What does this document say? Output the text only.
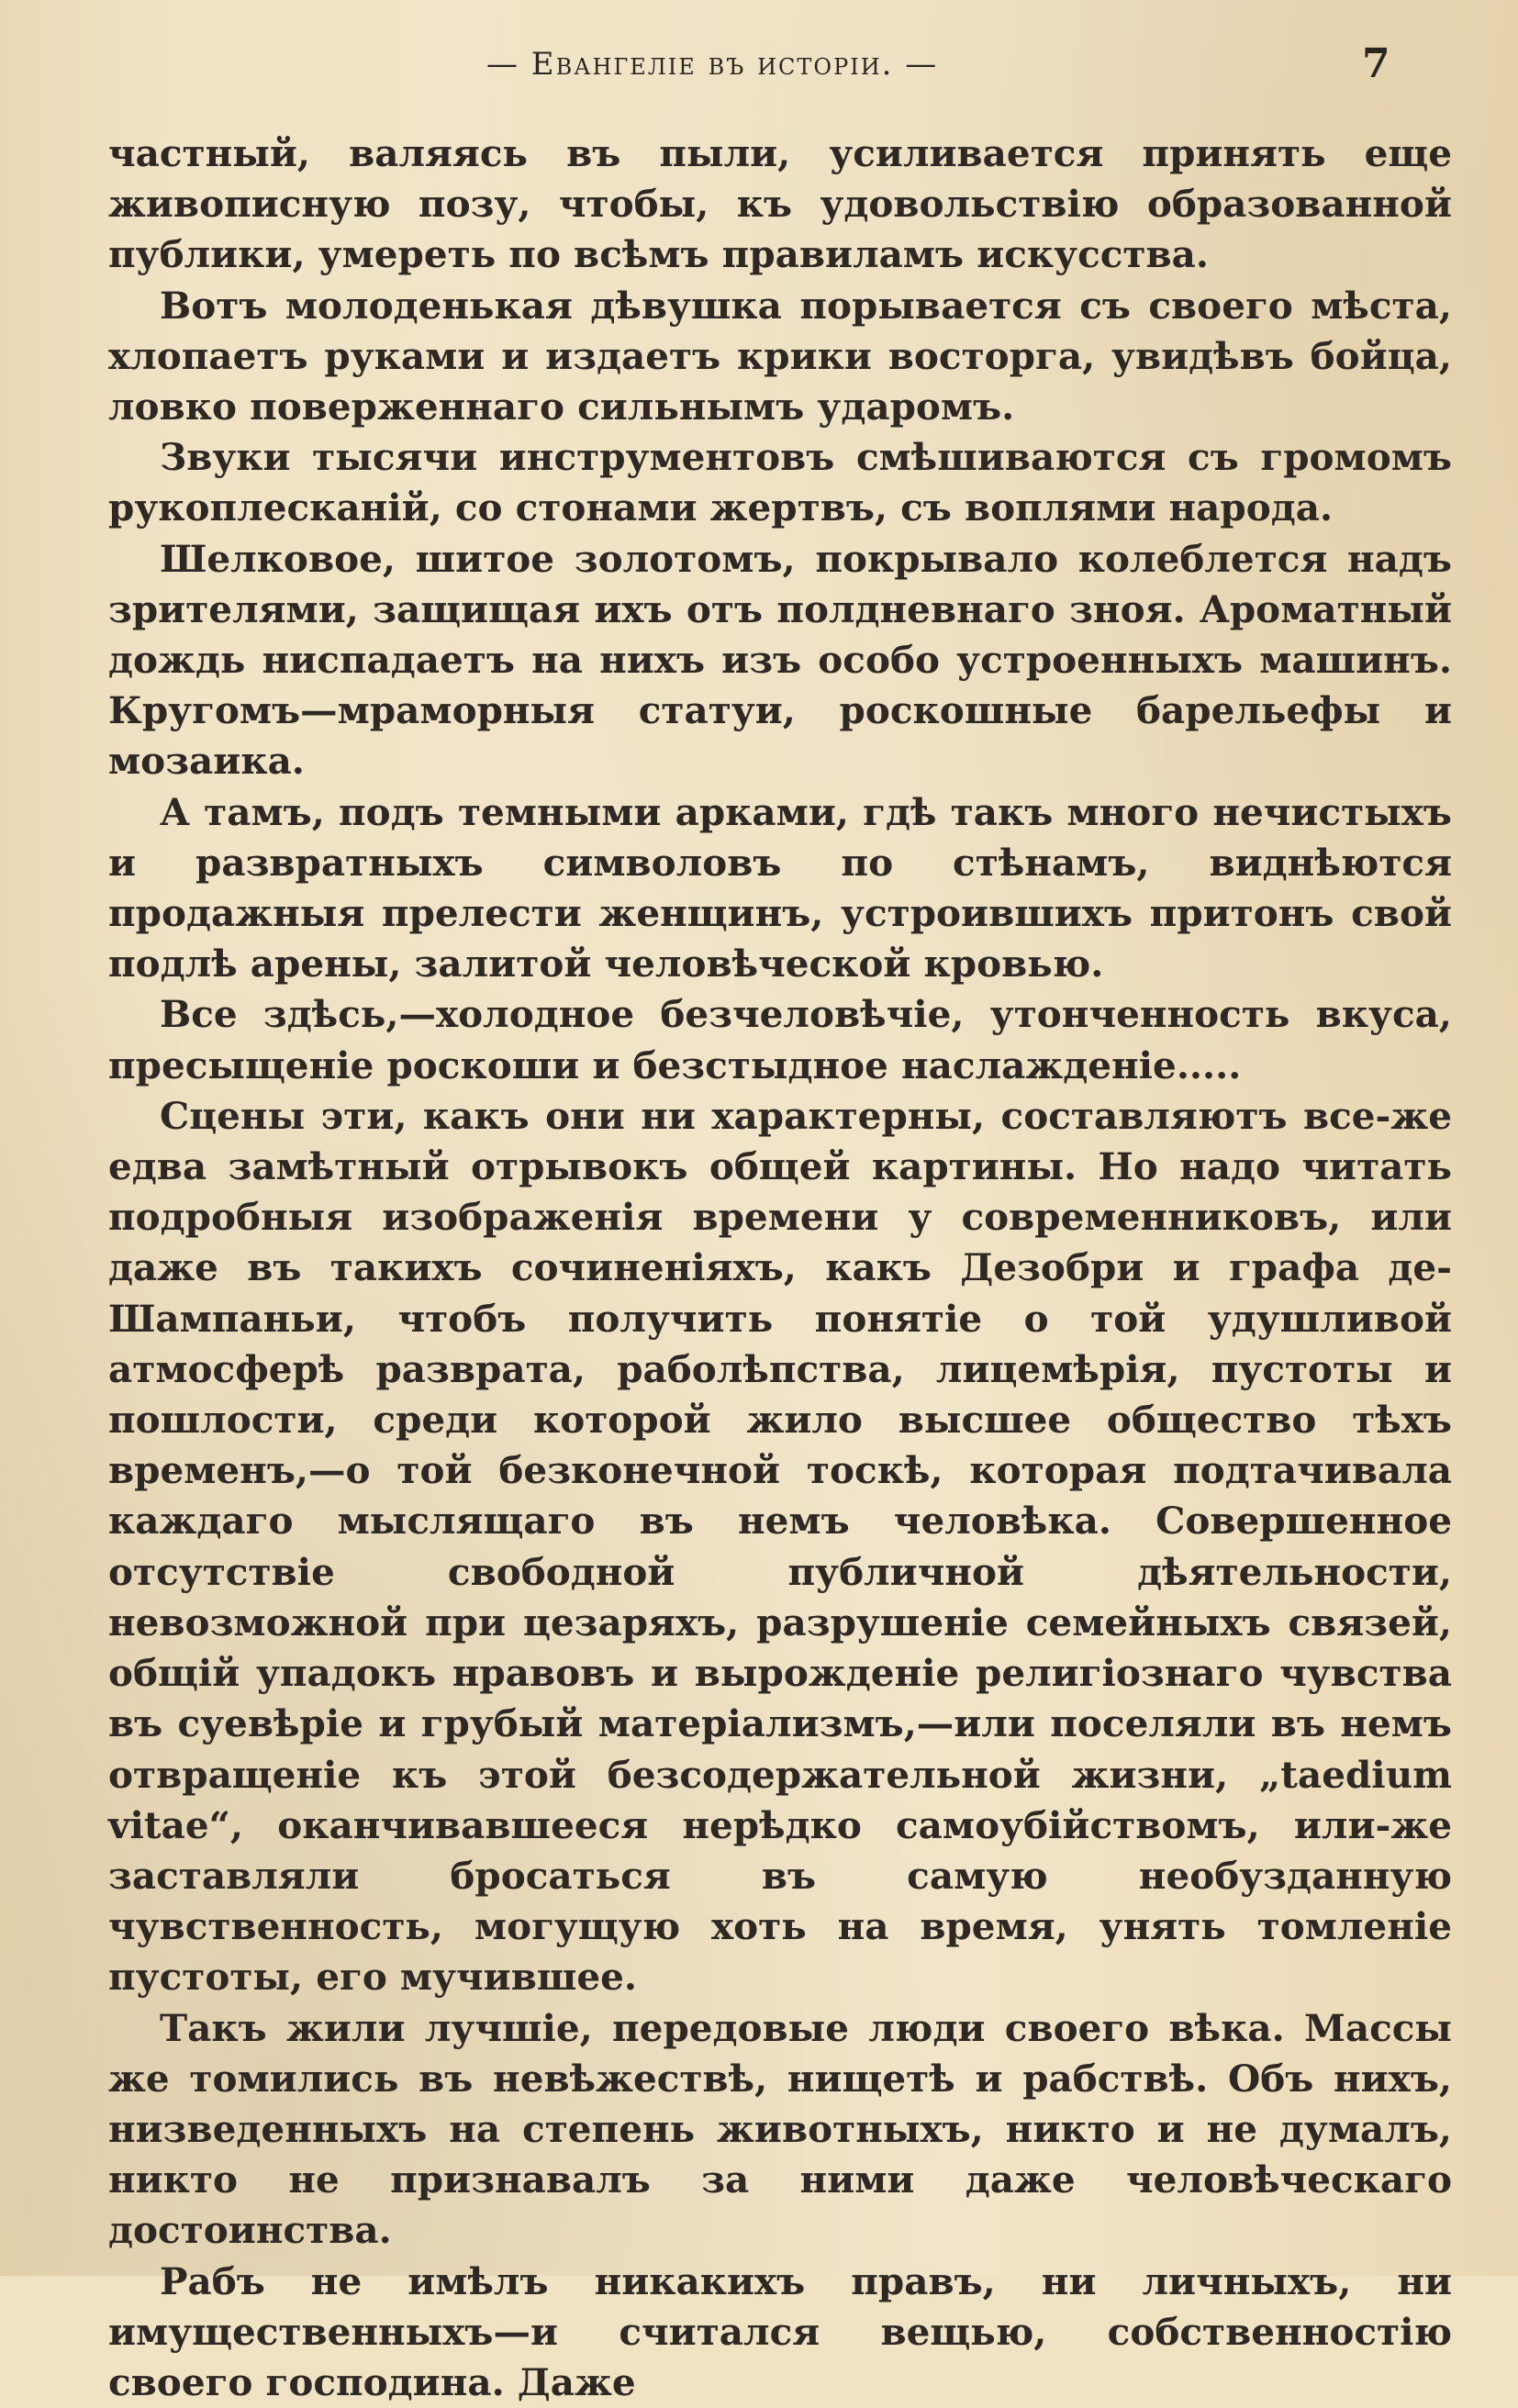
— Евангеліе въ исторіи. —	7

частный, валяясь въ пыли, усиливается принять еще живописную позу, чтобы, къ удовольствію образованной публики, умереть по всѣмъ правиламъ искусства.

Вотъ молоденькая дѣвушка порывается съ своего мѣста, хлопаетъ руками и издаетъ крики восторга, увидѣвъ бойца, ловко поверженнаго сильнымъ ударомъ.

Звуки тысячи инструментовъ смѣшиваются съ громомъ рукоплесканій, со стонами жертвъ, съ воплями народа.

Шелковое, шитое золотомъ, покрывало колеблется надъ зрителями, защищая ихъ отъ полдневнаго зноя. Ароматный дождь ниспадаетъ на нихъ изъ особо устроенныхъ машинъ. Кругомъ—мраморныя статуи, роскошные барельефы и мозаика.

А тамъ, подъ темными арками, гдѣ такъ много нечистыхъ и развратныхъ символовъ по стѣнамъ, виднѣются продажныя прелести женщинъ, устроившихъ притонъ свой подлѣ арены, залитой человѣческой кровью.

Все здѣсь,—холодное безчеловѣчіе, утонченность вкуса, пресыщеніе роскоши и безстыдное наслажденіе.....

Сцены эти, какъ они ни характерны, составляютъ все-же едва замѣтный отрывокъ общей картины. Но надо читать подробныя изображенія времени у современниковъ, или даже въ такихъ сочиненіяхъ, какъ Дезобри и графа де-Шампаньи, чтобъ получить понятіе о той удушливой атмосферѣ разврата, раболѣпства, лицемѣрія, пустоты и пошлости, среди которой жило высшее общество тѣхъ временъ,—о той безконечной тоскѣ, которая подтачивала каждаго мыслящаго въ немъ человѣка. Совершенное отсутствіе свободной публичной дѣятельности, невозможной при цезаряхъ, разрушеніе семейныхъ связей, общій упадокъ нравовъ и вырожденіе религіознаго чувства въ суевѣріе и грубый матеріализмъ,—или поселяли въ немъ отвращеніе къ этой безсодержательной жизни, „taedium vitae“, оканчивавшееся нерѣдко самоубійствомъ, или-же заставляли бросаться въ самую необузданную чувственность, могущую хоть на время, унять томленіе пустоты, его мучившее.

Такъ жили лучшіе, передовые люди своего вѣка. Массы же томились въ невѣжествѣ, нищетѣ и рабствѣ. Объ нихъ, низведенныхъ на степень животныхъ, никто и не думалъ, никто не признавалъ за ними даже человѣческаго достоинства.

Рабъ не имѣлъ никакихъ правъ, ни личныхъ, ни имущественныхъ—и считался вещью, собственностію своего господина. Даже
